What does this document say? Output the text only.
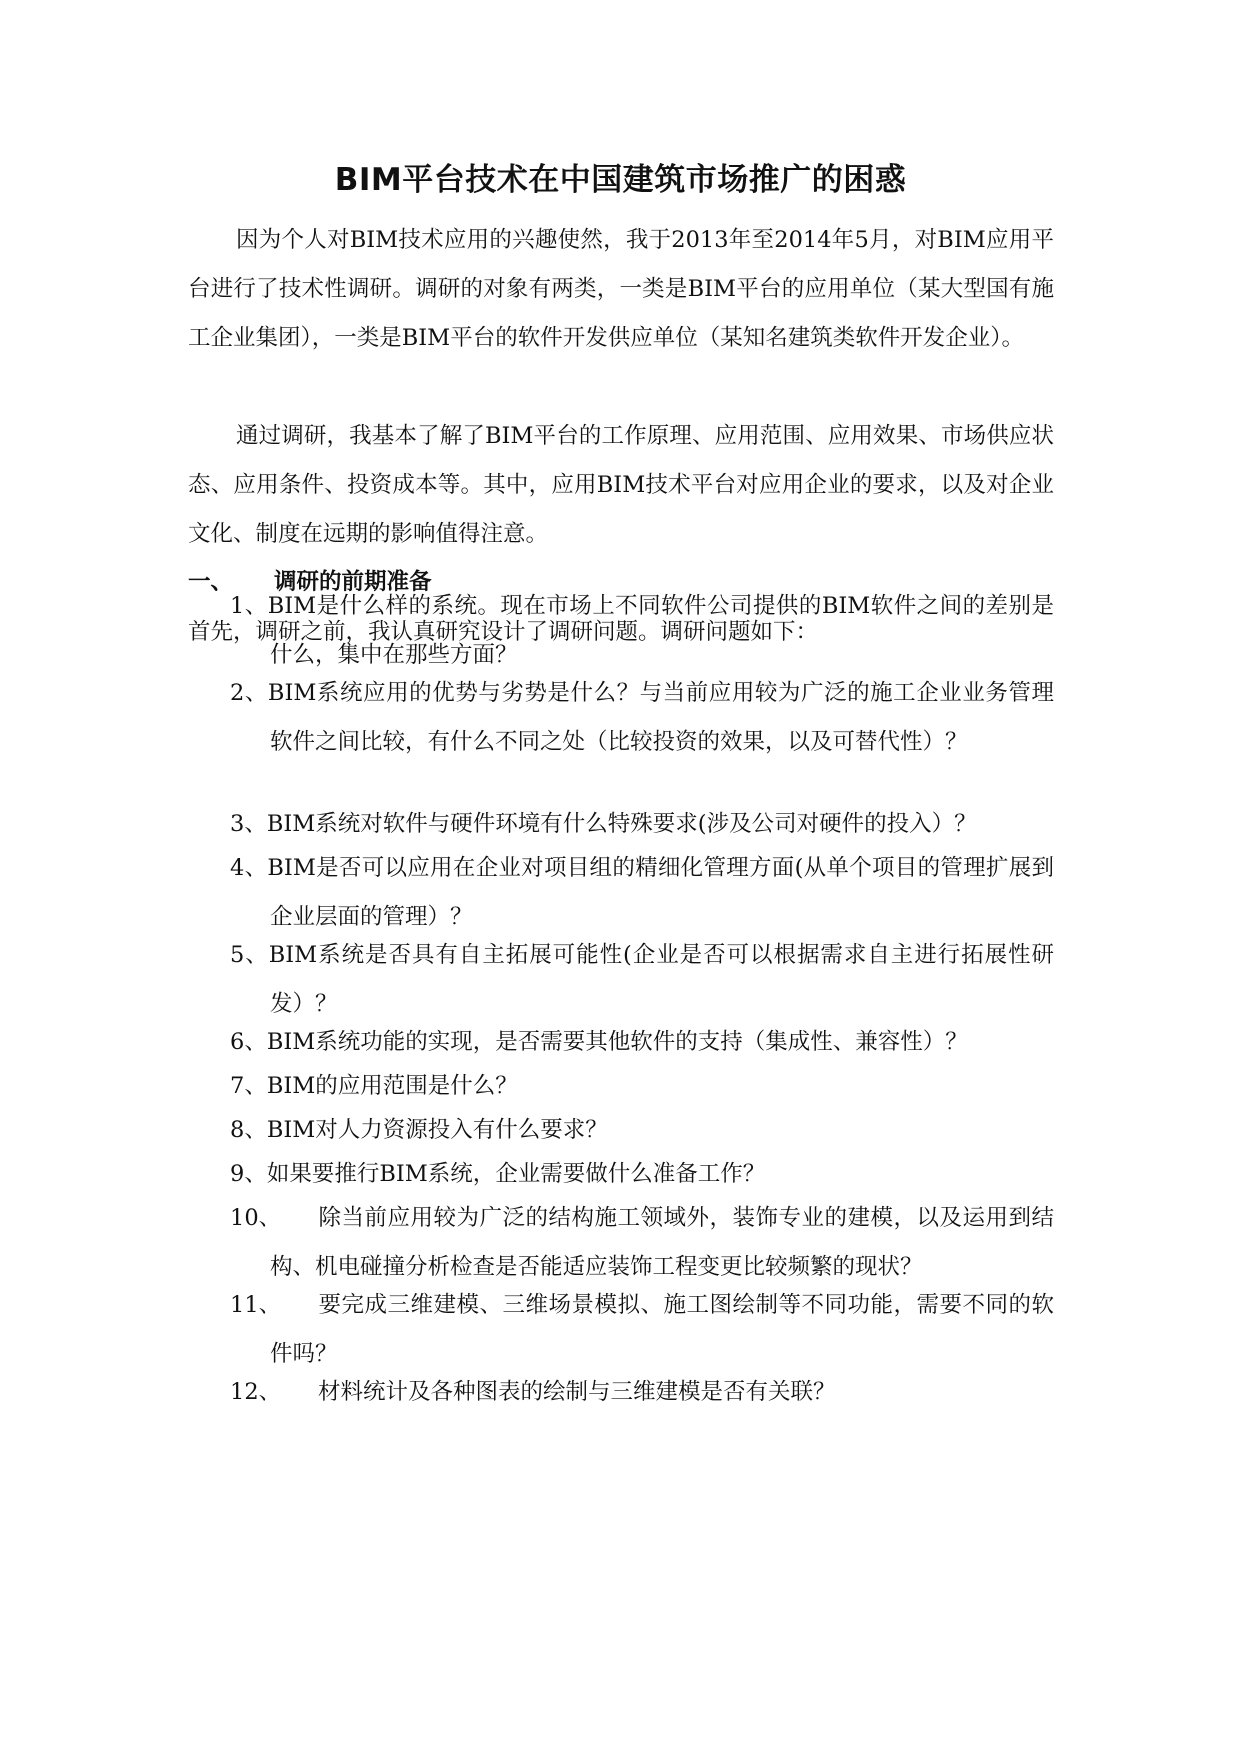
BIM平台技术在中国建筑市场推广的困惑

因为个人对BIM技术应用的兴趣使然，我于2013年至2014年5月，对BIM应用平台进行了技术性调研。调研的对象有两类，一类是BIM平台的应用单位（某大型国有施工企业集团），一类是BIM平台的软件开发供应单位（某知名建筑类软件开发企业）。

通过调研，我基本了解了BIM平台的工作原理、应用范围、应用效果、市场供应状态、应用条件、投资成本等。其中，应用BIM技术平台对应用企业的要求，以及对企业文化、制度在远期的影响值得注意。

一、 调研的前期准备
首先，调研之前，我认真研究设计了调研问题。调研问题如下：
1、BIM是什么样的系统。现在市场上不同软件公司提供的BIM软件之间的差别是什么，集中在那些方面？
2、BIM系统应用的优势与劣势是什么？与当前应用较为广泛的施工企业业务管理软件之间比较，有什么不同之处（比较投资的效果，以及可替代性）？
3、BIM系统对软件与硬件环境有什么特殊要求(涉及公司对硬件的投入）？
4、BIM是否可以应用在企业对项目组的精细化管理方面(从单个项目的管理扩展到企业层面的管理）？
5、BIM系统是否具有自主拓展可能性(企业是否可以根据需求自主进行拓展性研发）？
6、BIM系统功能的实现，是否需要其他软件的支持（集成性、兼容性）？
7、BIM的应用范围是什么？
8、BIM对人力资源投入有什么要求？
9、如果要推行BIM系统，企业需要做什么准备工作？
10、 除当前应用较为广泛的结构施工领域外，装饰专业的建模，以及运用到结构、机电碰撞分析检查是否能适应装饰工程变更比较频繁的现状？
11、 要完成三维建模、三维场景模拟、施工图绘制等不同功能，需要不同的软件吗？
12、 材料统计及各种图表的绘制与三维建模是否有关联？
